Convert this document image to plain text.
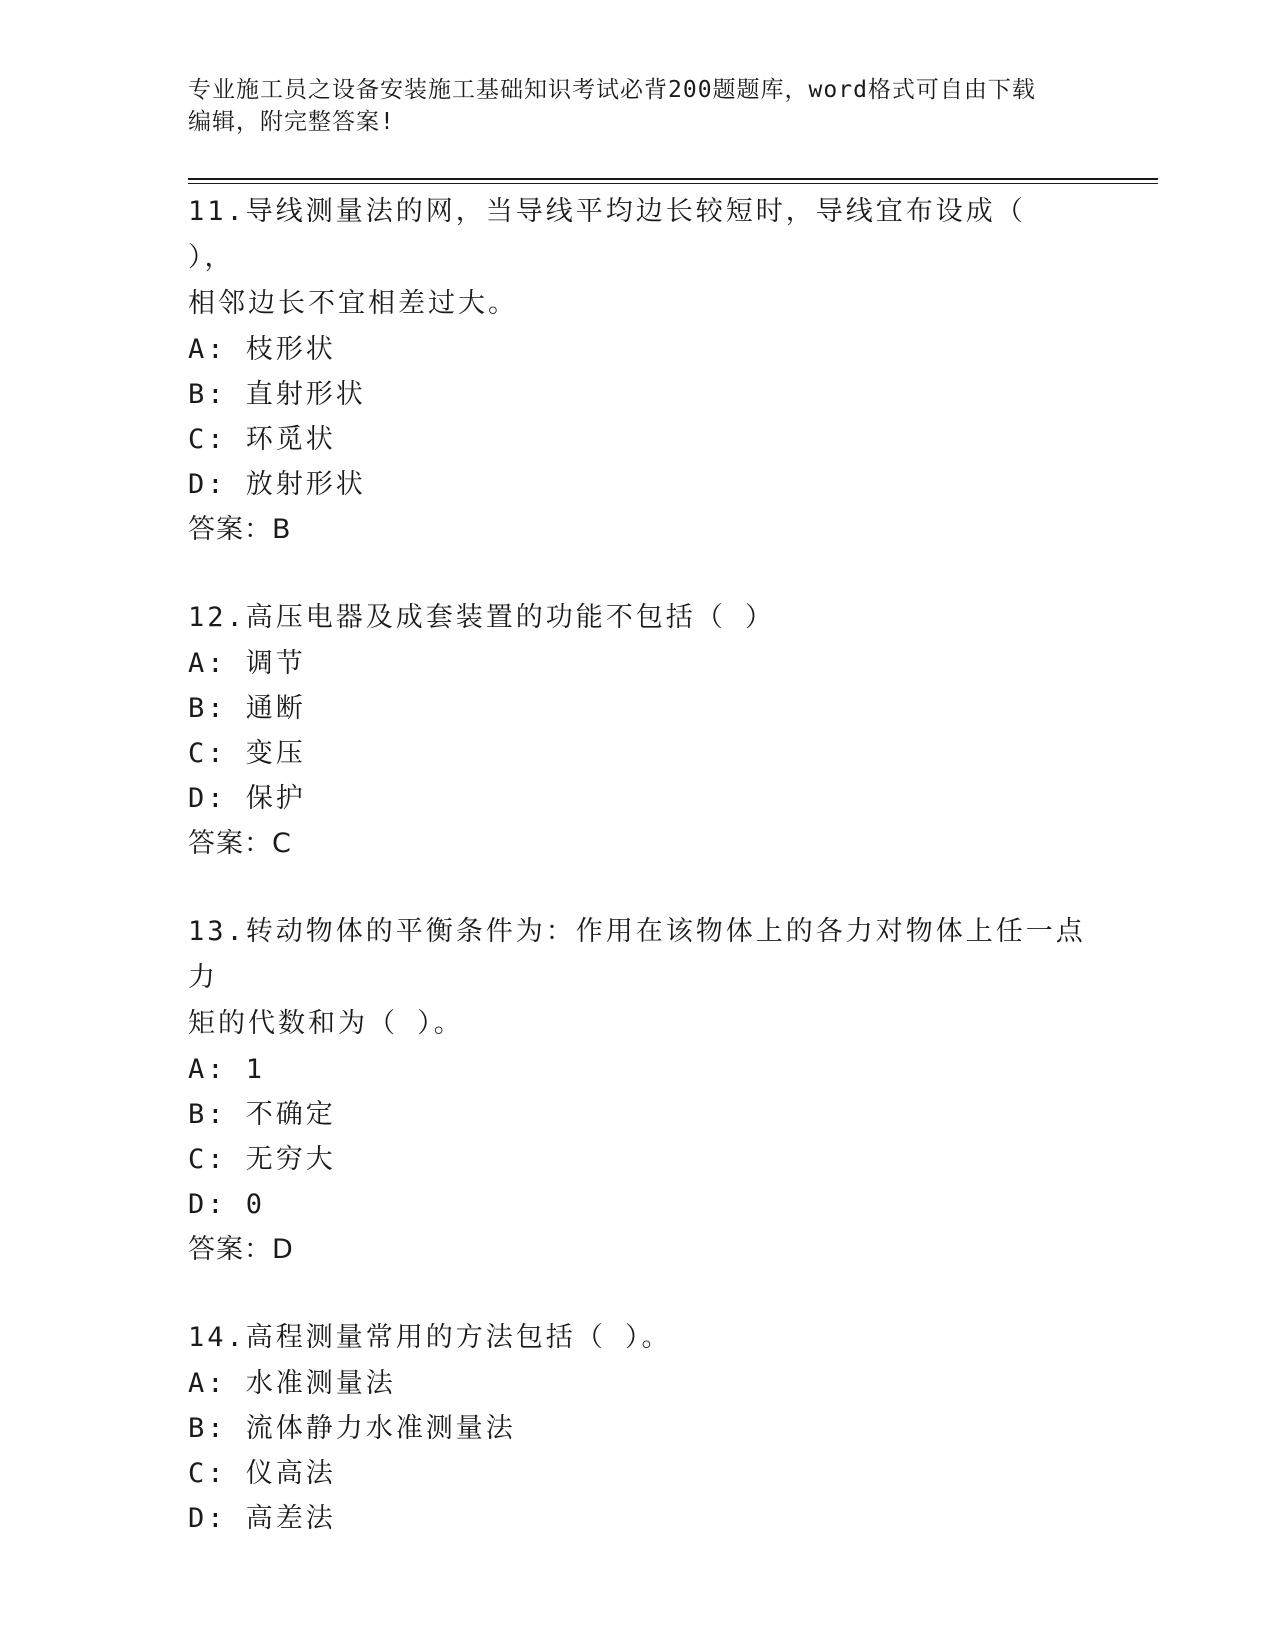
专业施工员之设备安装施工基础知识考试必背200题题库，word格式可自由下载
编辑，附完整答案!
11.导线测量法的网，当导线平均边长较短时，导线宜布设成（ ），
相邻边长不宜相差过大。
A: 枝形状
B: 直射形状
C: 环觅状
D: 放射形状
答案：B
12.高压电器及成套装置的功能不包括（ ）
A: 调节
B: 通断
C: 变压
D: 保护
答案：C
13.转动物体的平衡条件为：作用在该物体上的各力对物体上任一点力
矩的代数和为（ ）。
A: 1
B: 不确定
C: 无穷大
D: 0
答案：D
14.高程测量常用的方法包括（ ）。
A: 水准测量法
B: 流体静力水准测量法
C: 仪高法
D: 高差法
